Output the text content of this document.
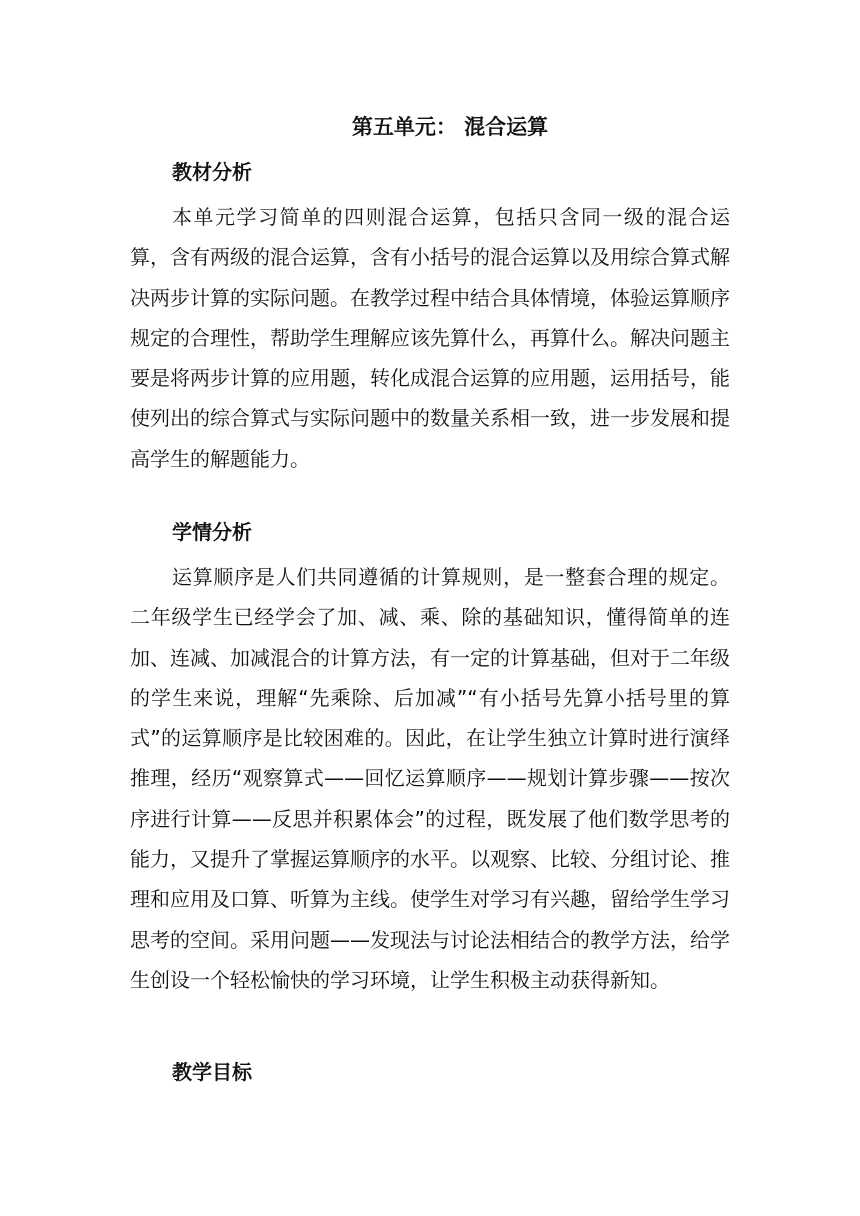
第五单元： 混合运算
教材分析

本单元学习简单的四则混合运算，包括只含同一级的混合运算，含有两级的混合运算，含有小括号的混合运算以及用综合算式解决两步计算的实际问题。在教学过程中结合具体情境，体验运算顺序规定的合理性，帮助学生理解应该先算什么，再算什么。解决问题主要是将两步计算的应用题，转化成混合运算的应用题，运用括号，能使列出的综合算式与实际问题中的数量关系相一致，进一步发展和提高学生的解题能力。

学情分析

运算顺序是人们共同遵循的计算规则，是一整套合理的规定。二年级学生已经学会了加、减、乘、除的基础知识，懂得简单的连加、连减、加减混合的计算方法，有一定的计算基础，但对于二年级的学生来说，理解“先乘除、后加减”“有小括号先算小括号里的算式”的运算顺序是比较困难的。因此，在让学生独立计算时进行演绎推理，经历“观察算式——回忆运算顺序——规划计算步骤——按次序进行计算——反思并积累体会”的过程，既发展了他们数学思考的能力，又提升了掌握运算顺序的水平。以观察、比较、分组讨论、推理和应用及口算、听算为主线。使学生对学习有兴趣，留给学生学习思考的空间。采用问题——发现法与讨论法相结合的教学方法，给学生创设一个轻松愉快的学习环境，让学生积极主动获得新知。

教学目标
